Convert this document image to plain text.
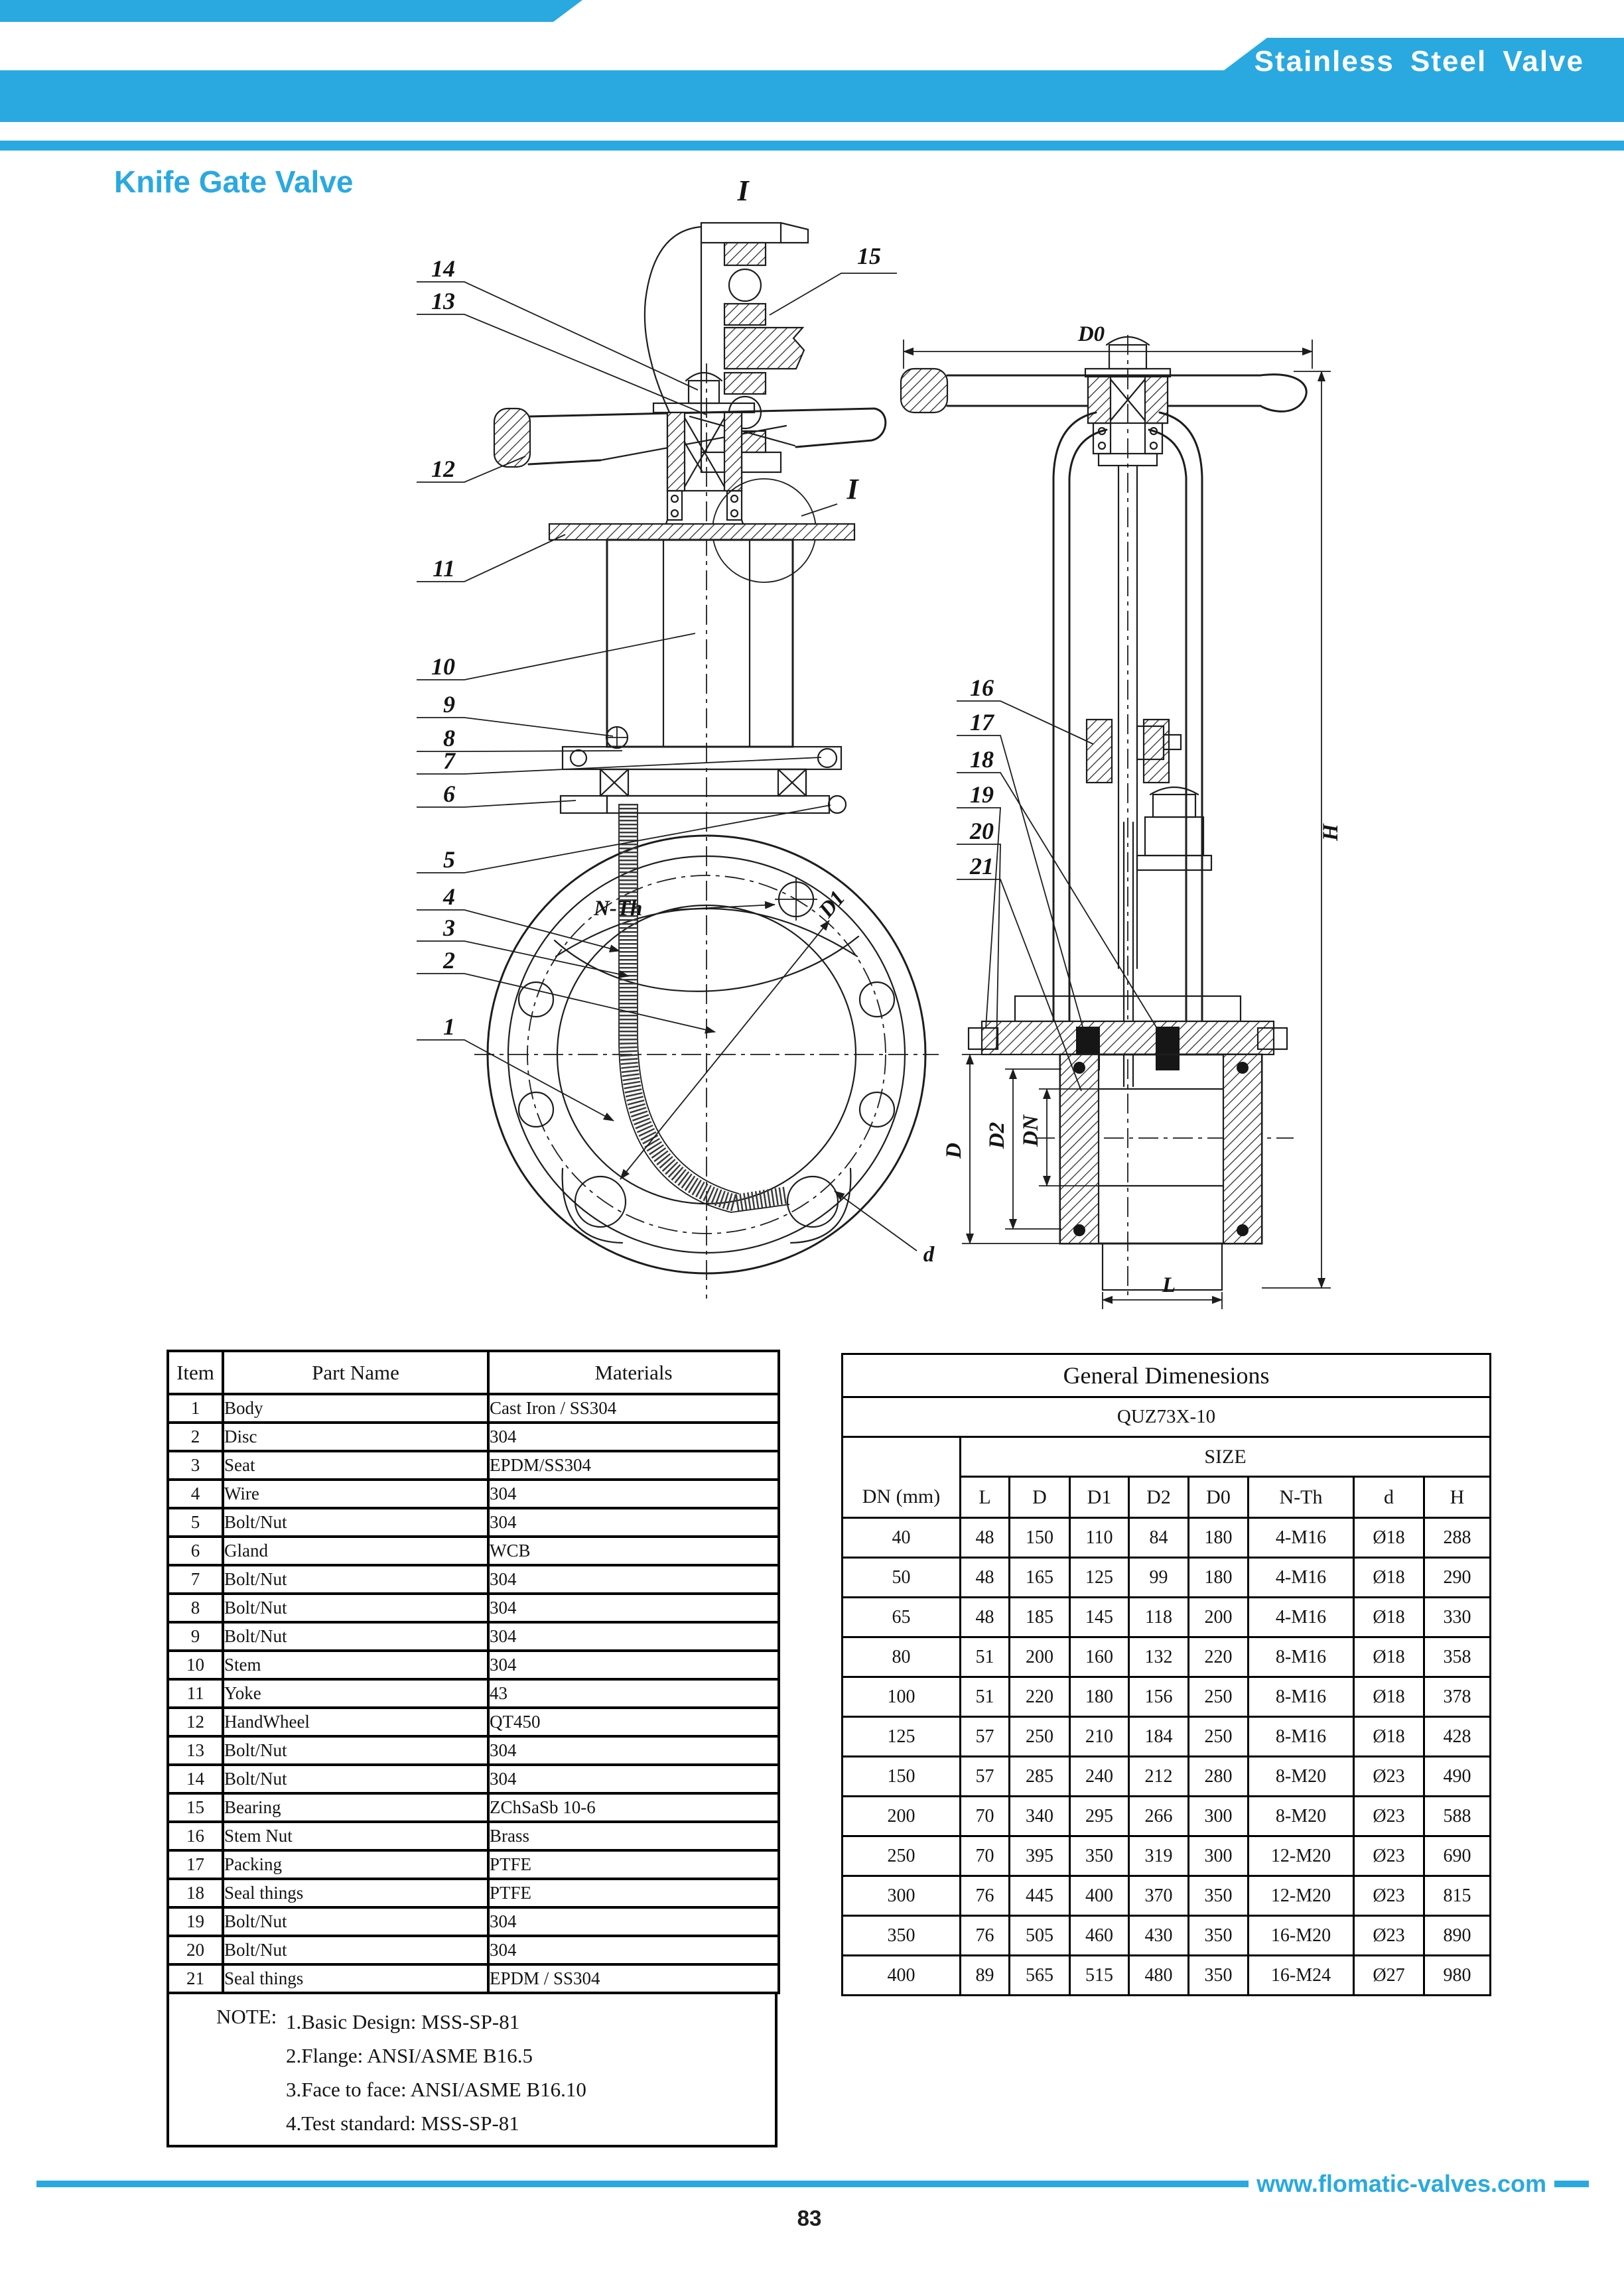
Stainless Steel Valve
Knife Gate Valve	I
15
I
N-Th	D1
d
14
13
12
11
10
9
8
7
6
5
4
3
2
1
D0
H
D
D2 DN
L
16
17
18
19
20
21
Item	Part Name	Materials
1	Body	Cast Iron / SS304
2	Disc	304
3	Seat	EPDM/SS304
4	Wire	304
5	Bolt/Nut	304
6	Gland	WCB
7	Bolt/Nut	304
8	Bolt/Nut	304
9	Bolt/Nut	304
10	Stem	304
11	Yoke	43
12	HandWheel	QT450
13	Bolt/Nut	304
14	Bolt/Nut	304
15	Bearing	ZChSaSb 10-6
16	Stem Nut	Brass
17	Packing	PTFE
18	Seal things	PTFE
19	Bolt/Nut	304
20	Bolt/Nut	304
21	Seal things	EPDM / SS304
NOTE: 1.Basic Design: MSS-SP-81
2.Flange: ANSI/ASME B16.5
3.Face to face: ANSI/ASME B16.10
4.Test standard: MSS-SP-81
General Dimenesions								
QUZ73X-10								
	SIZE							
DN (mm)	L	D	D1	D2	D0	N-Th	d	H
40	48	150	110	84	180	4-M16	Ø18	288
50	48	165	125	99	180	4-M16	Ø18	290
65	48	185	145	118	200	4-M16	Ø18	330
80	51	200	160	132	220	8-M16	Ø18	358
100	51	220	180	156	250	8-M16	Ø18	378
125	57	250	210	184	250	8-M16	Ø18	428
150	57	285	240	212	280	8-M20	Ø23	490
200	70	340	295	266	300	8-M20	Ø23	588
250	70	395	350	319	300	12-M20	Ø23	690
300	76	445	400	370	350	12-M20	Ø23	815
350	76	505	460	430	350	16-M20	Ø23	890
400	89	565	515	480	350	16-M24	Ø27	980
www.flomatic-valves.com
83
